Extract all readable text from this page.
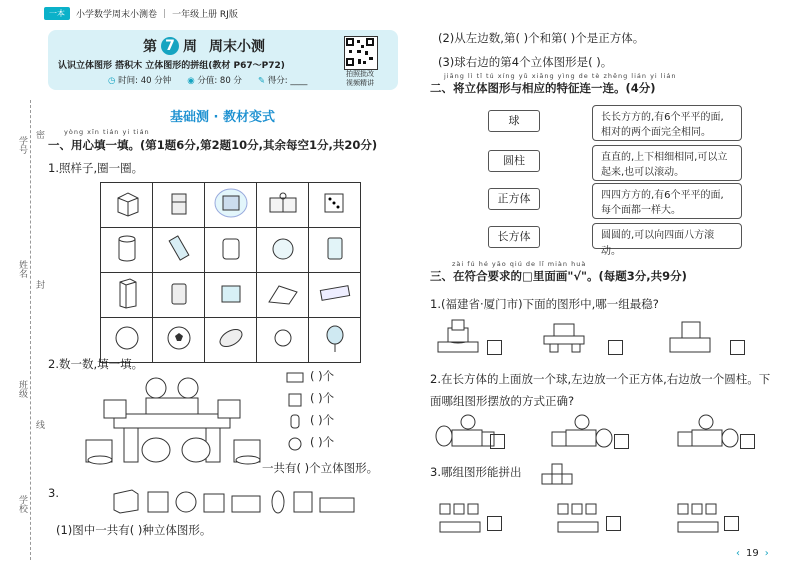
一本	小学数学周末小测卷 | 一年级上册 RJ版
学号
姓名
班级
学校
密
封
线
第 7 周 周末小测
认识立体图形 搭积木 立体图形的拼组(教材 P67～P72)
◷ 时间: 40 分钟 ◉ 分值: 80 分 ✎ 得分: ____
拍照批改
视频精讲
基础测 · 教材变式
yòng xīn tián yi tián
一、用心填一填。(第1题6分,第2题10分,其余每空1分,共20分)
1.照样子,圈一圈。

2.数一数,填一填。
( )个
( )个
( )个
( )个
一共有( )个立体图形。
3.
(1)图中一共有( )种立体图形。
(2)从左边数,第( )个和第( )个是正方体。
(3)球右边的第4个立体图形是( )。
jiāng lì tǐ tú xíng yǔ xiāng yìng de tè zhēng lián yi lián
二、将立体图形与相应的特征连一连。(4分)
球
圆柱
正方体
长方体
长长方方的,有6个平平的面,相对的两个面完全相同。
直直的,上下相细相同,可以立起来,也可以滚动。
四四方方的,有6个平平的面,每个面都一样大。
圆圆的,可以向四面八方滚动。
zài fú hé yāo qiú de lǐ miàn huà
三、在符合要求的□里面画"√"。(每题3分,共9分)
1.(福建省·厦门市)下面的图形中,哪一组最稳?
2.在长方体的上面放一个球,左边放一个正方体,右边放一个圆柱。下面哪组图形摆放的方式正确?
3.哪组图形能拼出
‹ 19 ›
